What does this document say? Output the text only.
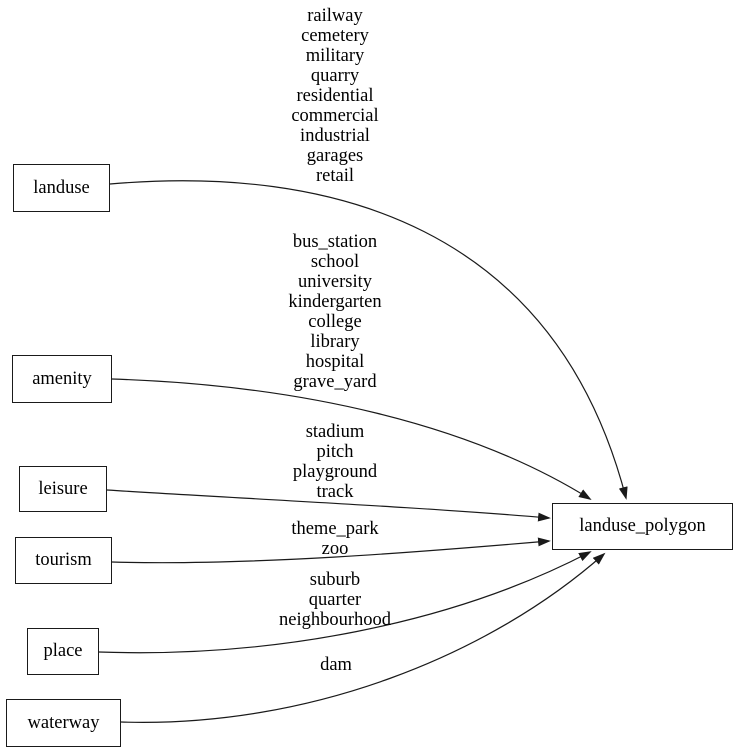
railway
cemetery
military
quarry
residential
commercial
industrial
garages
retail
bus_station
school
university
kindergarten
college
library
hospital
grave_yard
stadium
pitch
playground
track
theme_park
zoo
suburb
quarter
neighbourhood
dam
landuse
amenity
leisure
tourism
place
waterway
landuse_polygon
